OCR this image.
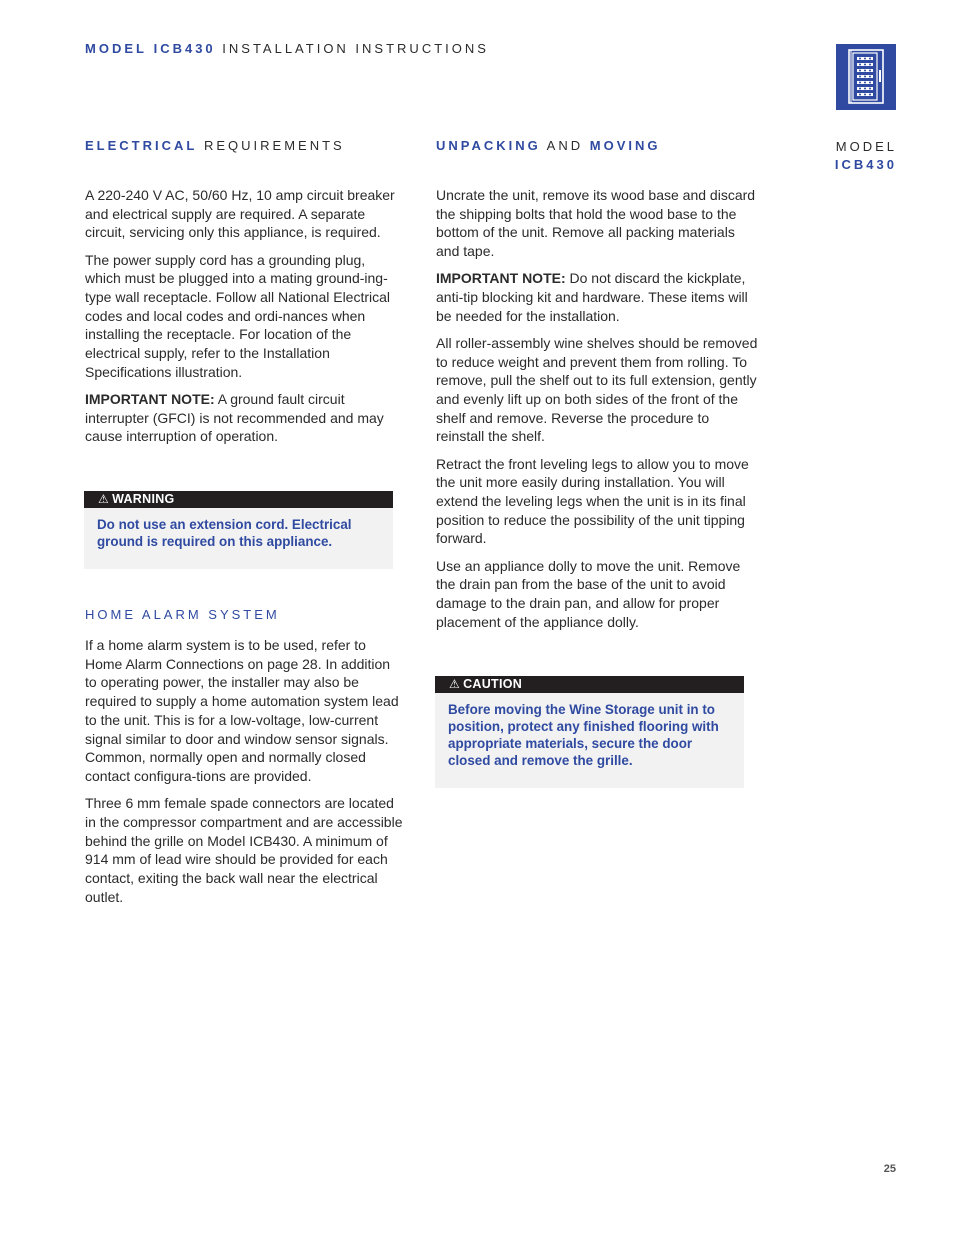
MODEL ICB430 INSTALLATION INSTRUCTIONS
MODEL
ICB430
ELECTRICAL REQUIREMENTS

A 220-240 V AC, 50/60 Hz, 10 amp circuit breaker and electrical supply are required. A separate circuit, servicing only this appliance, is required.

The power supply cord has a grounding plug, which must be plugged into a mating ground-ing-type wall receptacle. Follow all National Electrical codes and local codes and ordi-nances when installing the receptacle. For location of the electrical supply, refer to the Installation Specifications illustration.

IMPORTANT NOTE: A ground fault circuit interrupter (GFCI) is not recommended and may cause interruption of operation.

⚠ WARNING
Do not use an extension cord. Electrical ground is required on this appliance.
HOME ALARM SYSTEM

If a home alarm system is to be used, refer to Home Alarm Connections on page 28. In addition to operating power, the installer may also be required to supply a home automation system lead to the unit. This is for a low-voltage, low-current signal similar to door and window sensor signals. Common, normally open and normally closed contact configura-tions are provided.

Three 6 mm female spade connectors are located in the compressor compartment and are accessible behind the grille on Model ICB430. A minimum of 914 mm of lead wire should be provided for each contact, exiting the back wall near the electrical outlet.

UNPACKING AND MOVING

Uncrate the unit, remove its wood base and discard the shipping bolts that hold the wood base to the bottom of the unit. Remove all packing materials and tape.

IMPORTANT NOTE: Do not discard the kickplate, anti-tip blocking kit and hardware. These items will be needed for the installation.

All roller-assembly wine shelves should be removed to reduce weight and prevent them from rolling. To remove, pull the shelf out to its full extension, gently and evenly lift up on both sides of the front of the shelf and remove. Reverse the procedure to reinstall the shelf.

Retract the front leveling legs to allow you to move the unit more easily during installation. You will extend the leveling legs when the unit is in its final position to reduce the possibility of the unit tipping forward.

Use an appliance dolly to move the unit. Remove the drain pan from the base of the unit to avoid damage to the drain pan, and allow for proper placement of the appliance dolly.

⚠ CAUTION
Before moving the Wine Storage unit in to position, protect any finished flooring with appropriate materials, secure the door closed and remove the grille.
25
